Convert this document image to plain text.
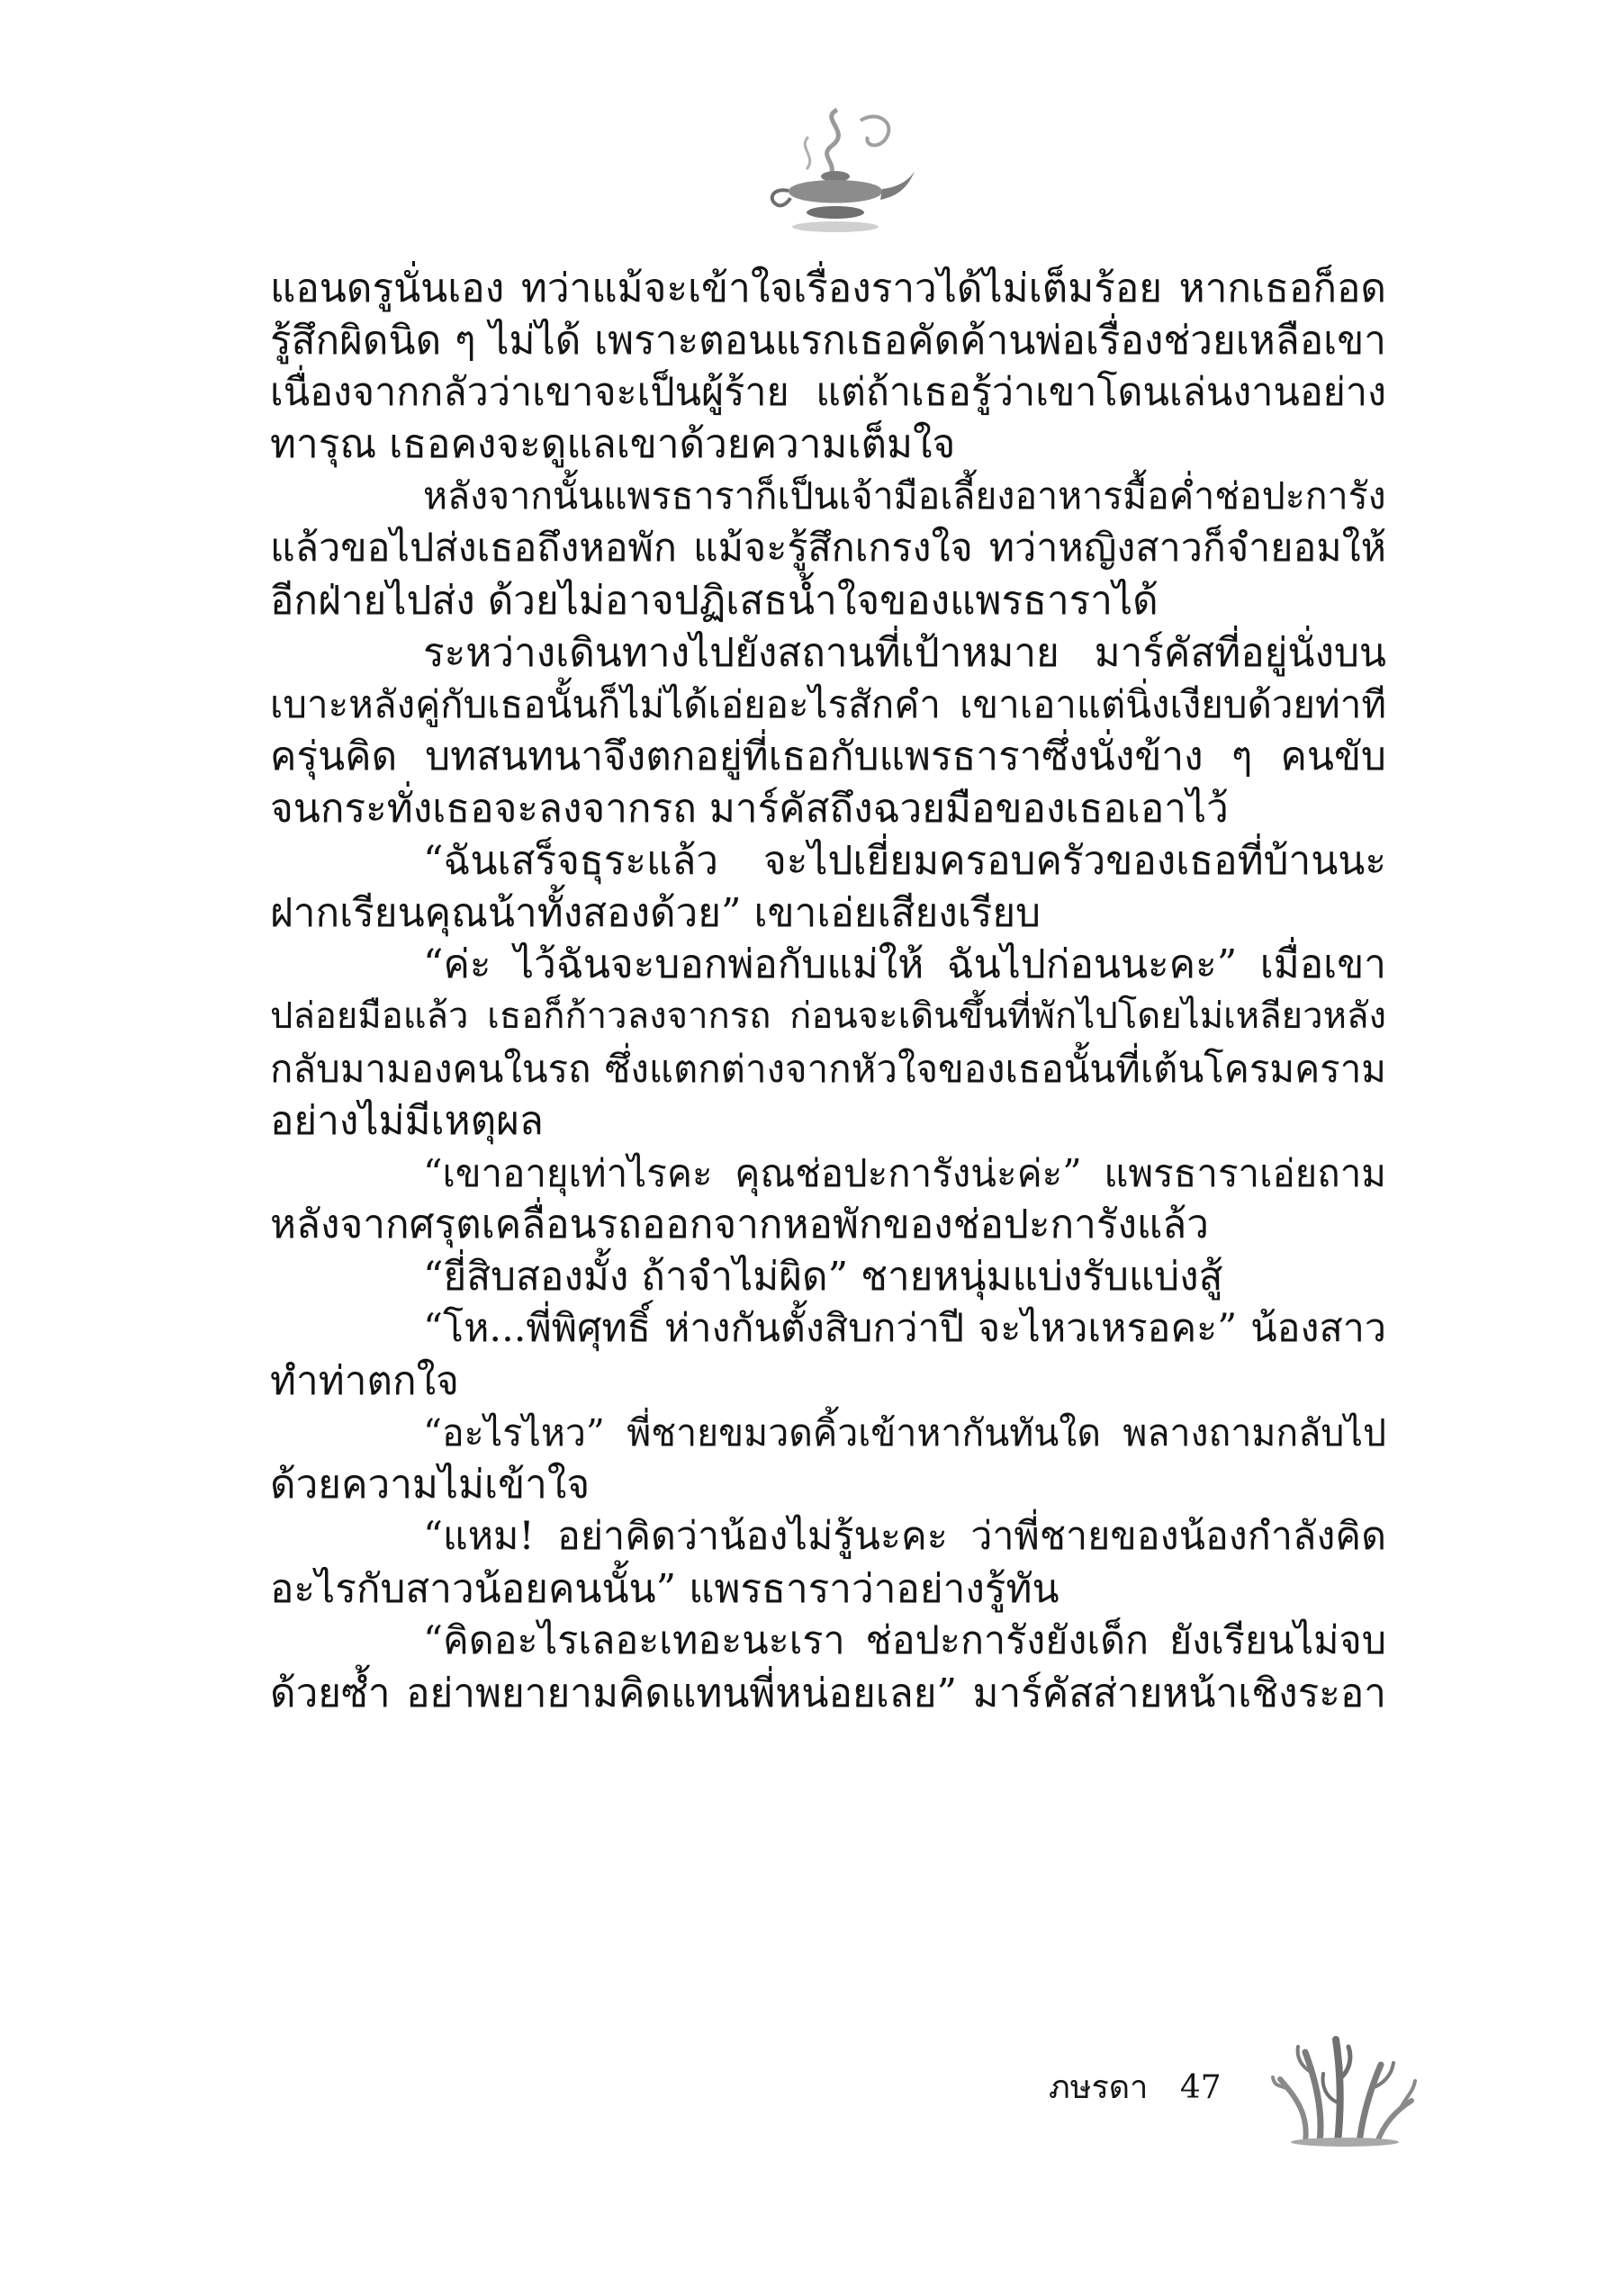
แอนดรูนั่นเอง ทว่าแม้จะเข้าใจเรื่องราวได้ไม่เต็มร้อย หากเธอก็อด
รู้สึกผิดนิด ๆ ไม่ได้ เพราะตอนแรกเธอคัดค้านพ่อเรื่องช่วยเหลือเขา
เนื่องจากกลัวว่าเขาจะเป็นผู้ร้าย แต่ถ้าเธอรู้ว่าเขาโดนเล่นงานอย่าง
ทารุณ เธอคงจะดูแลเขาด้วยความเต็มใจ
หลังจากนั้นแพรธาราก็เป็นเจ้ามือเลี้ยงอาหารมื้อค่ำช่อปะการัง
แล้วขอไปส่งเธอถึงหอพัก แม้จะรู้สึกเกรงใจ ทว่าหญิงสาวก็จำยอมให้
อีกฝ่ายไปส่ง ด้วยไม่อาจปฏิเสธน้ำใจของแพรธาราได้
ระหว่างเดินทางไปยังสถานที่เป้าหมาย มาร์คัสที่อยู่นั่งบน
เบาะหลังคู่กับเธอนั้นก็ไม่ได้เอ่ยอะไรสักคำ เขาเอาแต่นิ่งเงียบด้วยท่าที
ครุ่นคิด บทสนทนาจึงตกอยู่ที่เธอกับแพรธาราซึ่งนั่งข้าง ๆ คนขับ
จนกระทั่งเธอจะลงจากรถ มาร์คัสถึงฉวยมือของเธอเอาไว้
“ฉันเสร็จธุระแล้ว จะไปเยี่ยมครอบครัวของเธอที่บ้านนะ
ฝากเรียนคุณน้าทั้งสองด้วย” เขาเอ่ยเสียงเรียบ
“ค่ะ ไว้ฉันจะบอกพ่อกับแม่ให้ ฉันไปก่อนนะคะ” เมื่อเขา
ปล่อยมือแล้ว เธอก็ก้าวลงจากรถ ก่อนจะเดินขึ้นที่พักไปโดยไม่เหลียวหลัง
กลับมามองคนในรถ ซึ่งแตกต่างจากหัวใจของเธอนั้นที่เต้นโครมคราม
อย่างไม่มีเหตุผล
“เขาอายุเท่าไรคะ คุณช่อปะการังน่ะค่ะ” แพรธาราเอ่ยถาม
หลังจากศรุตเคลื่อนรถออกจากหอพักของช่อปะการังแล้ว
“ยี่สิบสองมั้ง ถ้าจำไม่ผิด” ชายหนุ่มแบ่งรับแบ่งสู้
“โห...พี่พิศุทธิ์ ห่างกันตั้งสิบกว่าปี จะไหวเหรอคะ” น้องสาว
ทำท่าตกใจ
“อะไรไหว” พี่ชายขมวดคิ้วเข้าหากันทันใด พลางถามกลับไป
ด้วยความไม่เข้าใจ
“แหม! อย่าคิดว่าน้องไม่รู้นะคะ ว่าพี่ชายของน้องกำลังคิด
อะไรกับสาวน้อยคนนั้น” แพรธาราว่าอย่างรู้ทัน
“คิดอะไรเลอะเทอะนะเรา ช่อปะการังยังเด็ก ยังเรียนไม่จบ
ด้วยซ้ำ อย่าพยายามคิดแทนพี่หน่อยเลย” มาร์คัสส่ายหน้าเชิงระอา
ภษรดา 47
